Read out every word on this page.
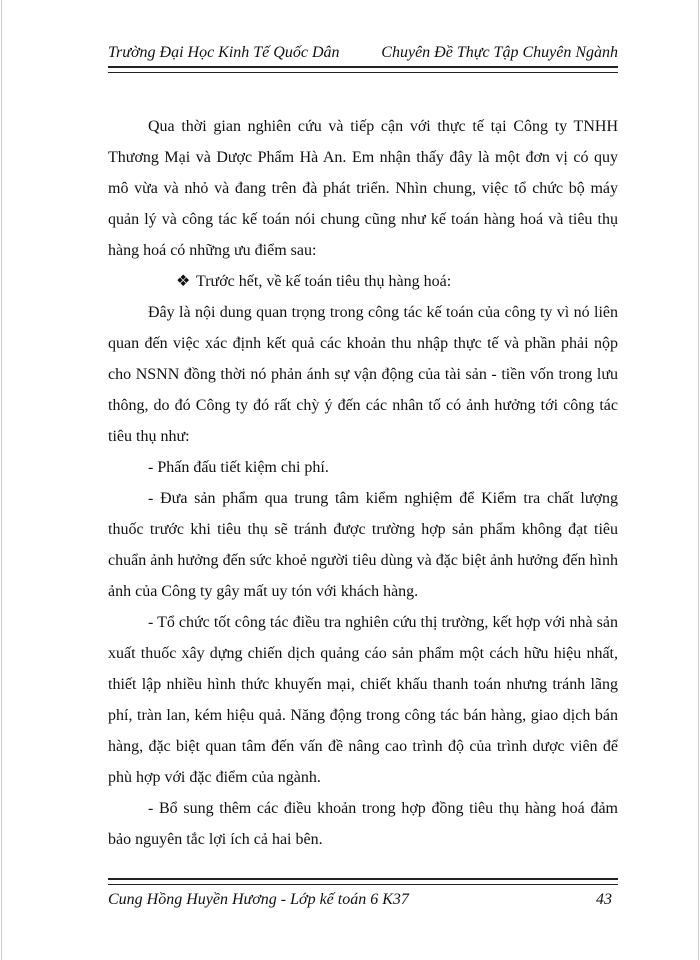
Trường Đại Học Kinh Tế Quốc Dân	Chuyên Đề Thực Tập Chuyên Ngành

Qua thời gian nghiên cứu và tiếp cận với thực tế tại Công ty TNHH Thương Mại và Dược Phẩm Hà An. Em nhận thấy đây là một đơn vị có quy mô vừa và nhỏ và đang trên đà phát triển. Nhìn chung, việc tổ chức bộ máy quản lý và công tác kế toán nói chung cũng như kế toán hàng hoá và tiêu thụ hàng hoá có những ưu điểm sau:

❖ Trước hết, về kế toán tiêu thụ hàng hoá:

Đây là nội dung quan trọng trong công tác kế toán của công ty vì nó liên quan đến việc xác định kết quả các khoản thu nhập thực tế và phần phải nộp cho NSNN đồng thời nó phản ánh sự vận động của tài sản - tiền vốn trong lưu thông, do đó Công ty đó rất chỳ ý đến các nhân tố có ảnh hưởng tới công tác tiêu thụ như:

- Phấn đấu tiết kiệm chi phí.

- Đưa sản phẩm qua trung tâm kiểm nghiệm để Kiểm tra chất lượng thuốc trước khi tiêu thụ sẽ tránh được trường hợp sản phẩm không đạt tiêu chuẩn ảnh hưởng đến sức khoẻ người tiêu dùng và đặc biệt ảnh hưởng đến hình ảnh của Công ty gây mất uy tón với khách hàng.

- Tổ chức tốt công tác điều tra nghiên cứu thị trường, kết hợp với nhà sản xuất thuốc xây dựng chiến dịch quảng cáo sản phẩm một cách hữu hiệu nhất, thiết lập nhiều hình thức khuyến mại, chiết khấu thanh toán nhưng tránh lãng phí, tràn lan, kém hiệu quả. Năng động trong công tác bán hàng, giao dịch bán hàng, đặc biệt quan tâm đến vấn đề nâng cao trình độ của trình dược viên để phù hợp với đặc điểm của ngành.

- Bổ sung thêm các điều khoản trong hợp đồng tiêu thụ hàng hoá đảm bảo nguyên tắc lợi ích cả hai bên.

Cung Hồng Huyền Hương - Lớp kế toán 6 K37	43
